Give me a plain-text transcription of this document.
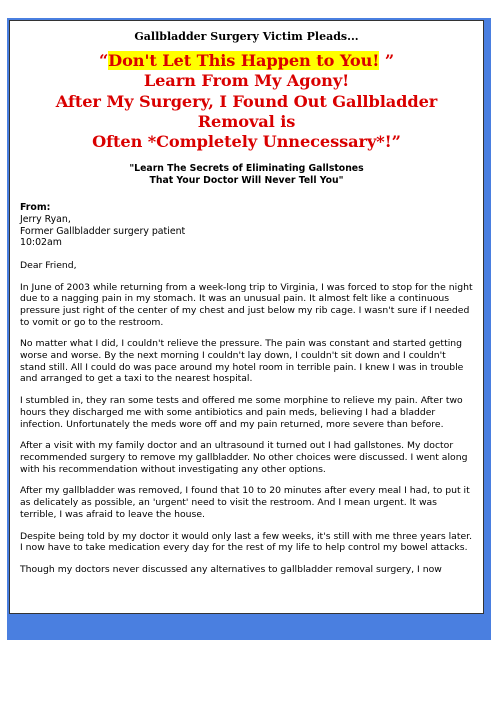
Gallbladder Surgery Victim Pleads...
“Don't Let This Happen to You! ”
Learn From My Agony!
After My Surgery, I Found Out Gallbladder Removal is
Often *Completely Unnecessary*!”
"Learn The Secrets of Eliminating Gallstones
That Your Doctor Will Never Tell You"
From:
Jerry Ryan,
Former Gallbladder surgery patient
10:02am

Dear Friend,

In June of 2003 while returning from a week-long trip to Virginia, I was forced to stop for the night due to a nagging pain in my stomach. It was an unusual pain. It almost felt like a continuous pressure just right of the center of my chest and just below my rib cage. I wasn't sure if I needed to vomit or go to the restroom.

No matter what I did, I couldn't relieve the pressure. The pain was constant and started getting worse and worse. By the next morning I couldn't lay down, I couldn't sit down and I couldn't stand still. All I could do was pace around my hotel room in terrible pain. I knew I was in trouble and arranged to get a taxi to the nearest hospital.

I stumbled in, they ran some tests and offered me some morphine to relieve my pain. After two hours they discharged me with some antibiotics and pain meds, believing I had a bladder infection. Unfortunately the meds wore off and my pain returned, more severe than before.

After a visit with my family doctor and an ultrasound it turned out I had gallstones. My doctor recommended surgery to remove my gallbladder. No other choices were discussed. I went along with his recommendation without investigating any other options.

After my gallbladder was removed, I found that 10 to 20 minutes after every meal I had, to put it as delicately as possible, an 'urgent' need to visit the restroom. And I mean urgent. It was terrible, I was afraid to leave the house.

Despite being told by my doctor it would only last a few weeks, it's still with me three years later. I now have to take medication every day for the rest of my life to help control my bowel attacks.

Though my doctors never discussed any alternatives to gallbladder removal surgery, I now
